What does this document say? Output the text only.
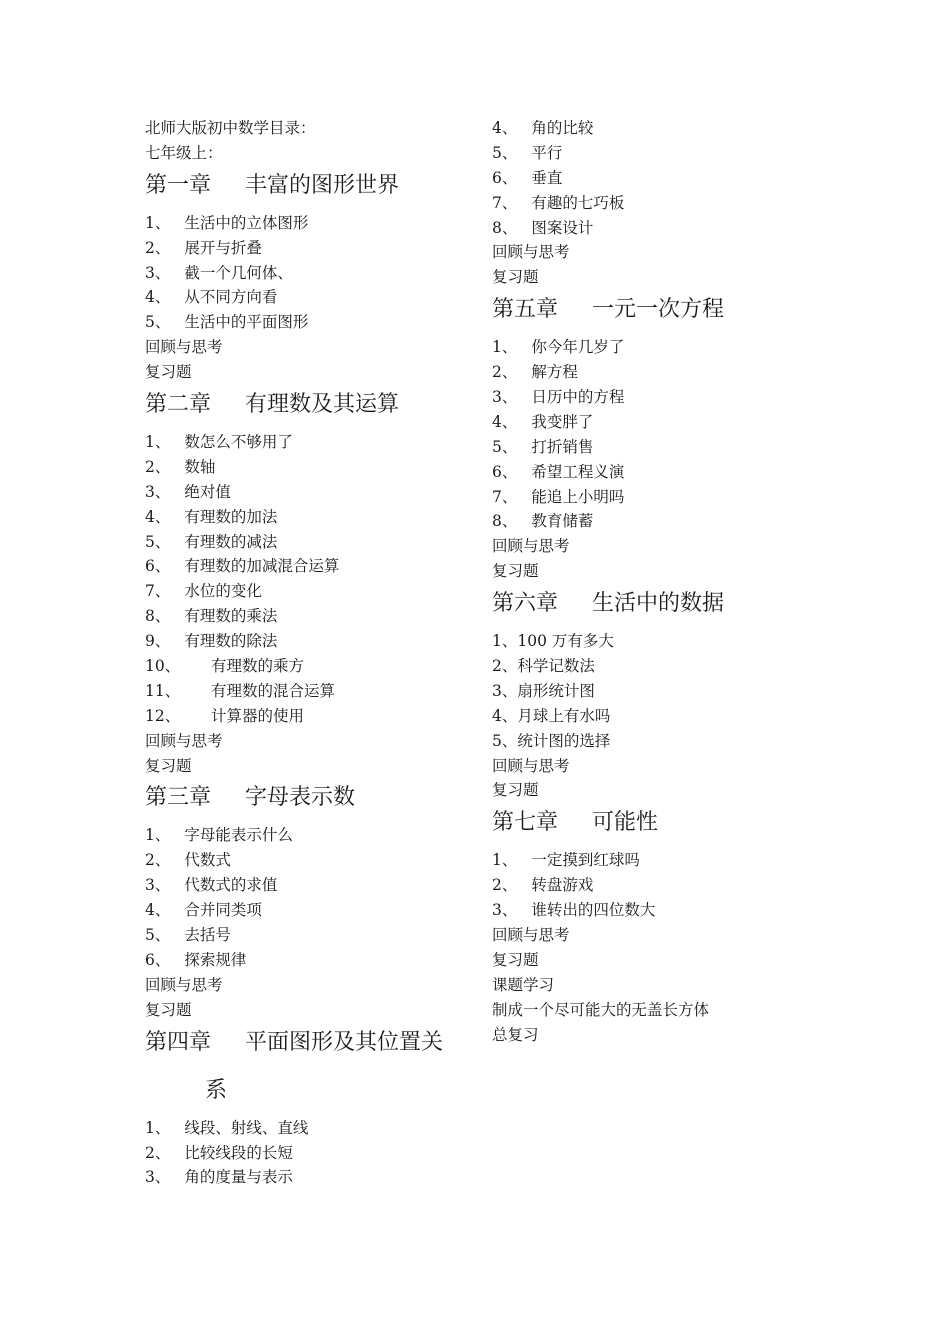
北师大版初中数学目录：
七年级上：
第一章 丰富的图形世界
1、 生活中的立体图形
2、 展开与折叠
3、 截一个几何体、
4、 从不同方向看
5、 生活中的平面图形
回顾与思考
复习题
第二章 有理数及其运算
1、 数怎么不够用了
2、 数轴
3、 绝对值
4、 有理数的加法
5、 有理数的减法
6、 有理数的加减混合运算
7、 水位的变化
8、 有理数的乘法
9、 有理数的除法
10、 有理数的乘方
11、 有理数的混合运算
12、 计算器的使用
回顾与思考
复习题
第三章 字母表示数
1、 字母能表示什么
2、 代数式
3、 代数式的求值
4、 合并同类项
5、 去括号
6、 探索规律
回顾与思考
复习题
第四章 平面图形及其位置关
系
1、 线段、射线、直线
2、 比较线段的长短
3、 角的度量与表示
4、 角的比较
5、 平行
6、 垂直
7、 有趣的七巧板
8、 图案设计
回顾与思考
复习题
第五章 一元一次方程
1、 你今年几岁了
2、 解方程
3、 日历中的方程
4、 我变胖了
5、 打折销售
6、 希望工程义演
7、 能追上小明吗
8、 教育储蓄
回顾与思考
复习题
第六章 生活中的数据
1、100 万有多大
2、科学记数法
3、扇形统计图
4、月球上有水吗
5、统计图的选择
回顾与思考
复习题
第七章 可能性
1、 一定摸到红球吗
2、 转盘游戏
3、 谁转出的四位数大
回顾与思考
复习题
课题学习
制成一个尽可能大的无盖长方体
总复习
